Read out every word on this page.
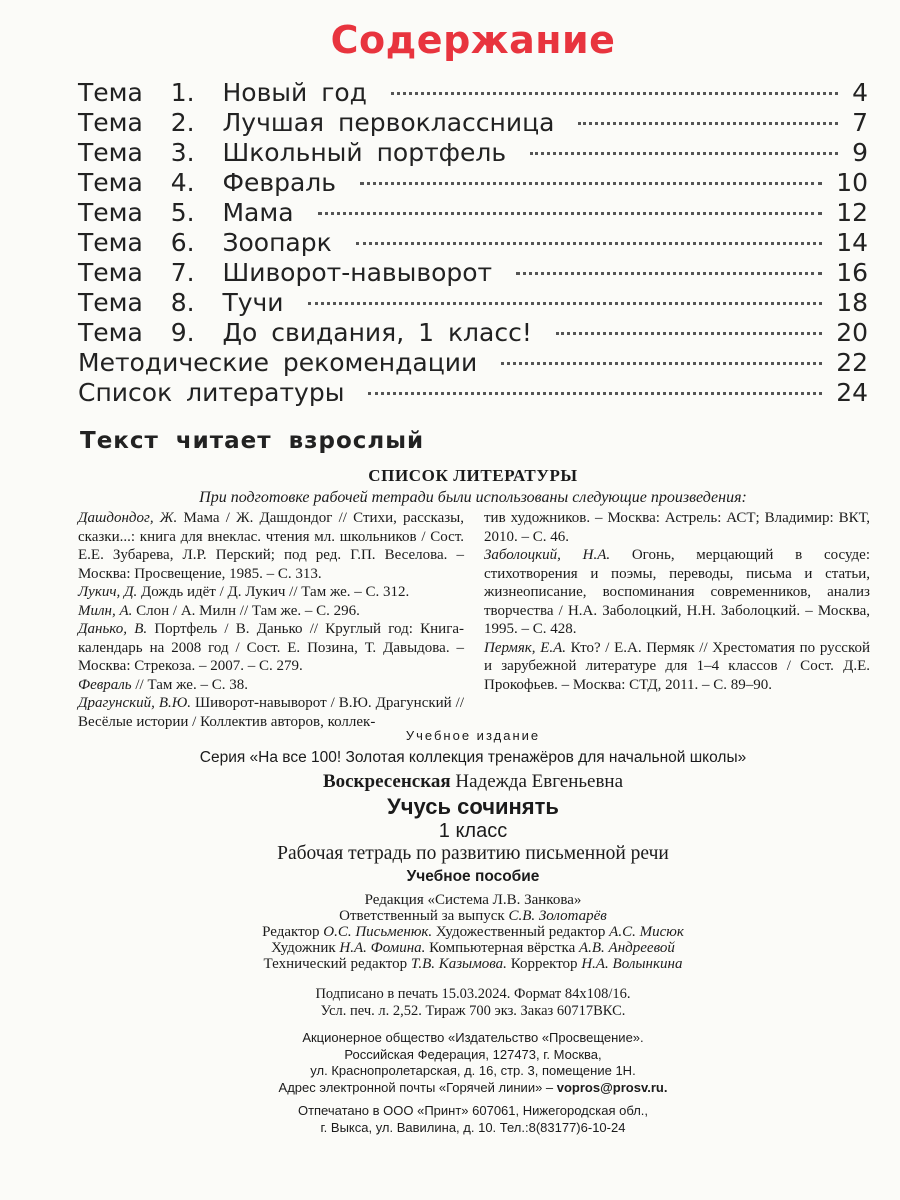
Содержание
Тема  1.  Новый год	4
Тема  2.  Лучшая первоклассница	7
Тема  3.  Школьный портфель	9
Тема  4.  Февраль	10
Тема  5.  Мама	12
Тема  6.  Зоопарк	14
Тема  7.  Шиворот-навыворот	16
Тема  8.  Тучи	18
Тема  9.  До свидания, 1 класс!	20
Методические рекомендации	22
Список литературы	24
Текст читает взрослый
СПИСОК ЛИТЕРАТУРЫ

При подготовке рабочей тетради были использованы следующие произведения:

Дашдондог, Ж. Мама / Ж. Дашдондог // Стихи, рассказы, сказки...: книга для внеклас. чтения мл. школьников / Сост. Е.Е. Зубарева, Л.Р. Перский; под ред. Г.П. Веселова. – Москва: Просвещение, 1985. – С. 313.

Лукич, Д. Дождь идёт / Д. Лукич // Там же. – С. 312.

Милн, А. Слон / А. Милн // Там же. – С. 296.

Данько, В. Портфель / В. Данько // Круглый год: Книга-календарь на 2008 год / Сост. Е. Позина, Т. Давыдова. – Москва: Стрекоза. – 2007. – С. 279.

Февраль // Там же. – С. 38.

Драгунский, В.Ю. Шиворот-навыворот / В.Ю. Драгунский // Весёлые истории / Коллектив авторов, коллек-

тив художников. – Москва: Астрель: АСТ; Владимир: ВКТ, 2010. – С. 46.

Заболоцкий, Н.А. Огонь, мерцающий в сосуде: стихотворения и поэмы, переводы, письма и статьи, жизнеописание, воспоминания современников, анализ творчества / Н.А. Заболоцкий, Н.Н. Заболоцкий. – Москва, 1995. – С. 428.

Пермяк, Е.А. Кто? / Е.А. Пермяк // Хрестоматия по русской и зарубежной литературе для 1–4 классов / Сост. Д.Е. Прокофьев. – Москва: СТД, 2011. – С. 89–90.

Учебное издание

Серия «На все 100! Золотая коллекция тренажёров для начальной школы»

Воскресенская Надежда Евгеньевна

Учусь сочинять

1 класс

Рабочая тетрадь по развитию письменной речи

Учебное пособие

Редакция «Система Л.В. Занкова»
Ответственный за выпуск С.В. Золотарёв
Редактор О.С. Письменюк. Художественный редактор А.С. Мисюк
Художник Н.А. Фомина. Компьютерная вёрстка А.В. Андреевой
Технический редактор Т.В. Казымова. Корректор Н.А. Волынкина

Подписано в печать 15.03.2024. Формат 84x108/16.
Усл. печ. л. 2,52. Тираж 700 экз. Заказ 60717ВКС.

Акционерное общество «Издательство «Просвещение».
Российская Федерация, 127473, г. Москва,
ул. Краснопролетарская, д. 16, стр. 3, помещение 1Н.
Адрес электронной почты «Горячей линии» – vopros@prosv.ru.

Отпечатано в ООО «Принт» 607061, Нижегородская обл.,
г. Выкса, ул. Вавилина, д. 10. Тел.:8(83177)6-10-24
